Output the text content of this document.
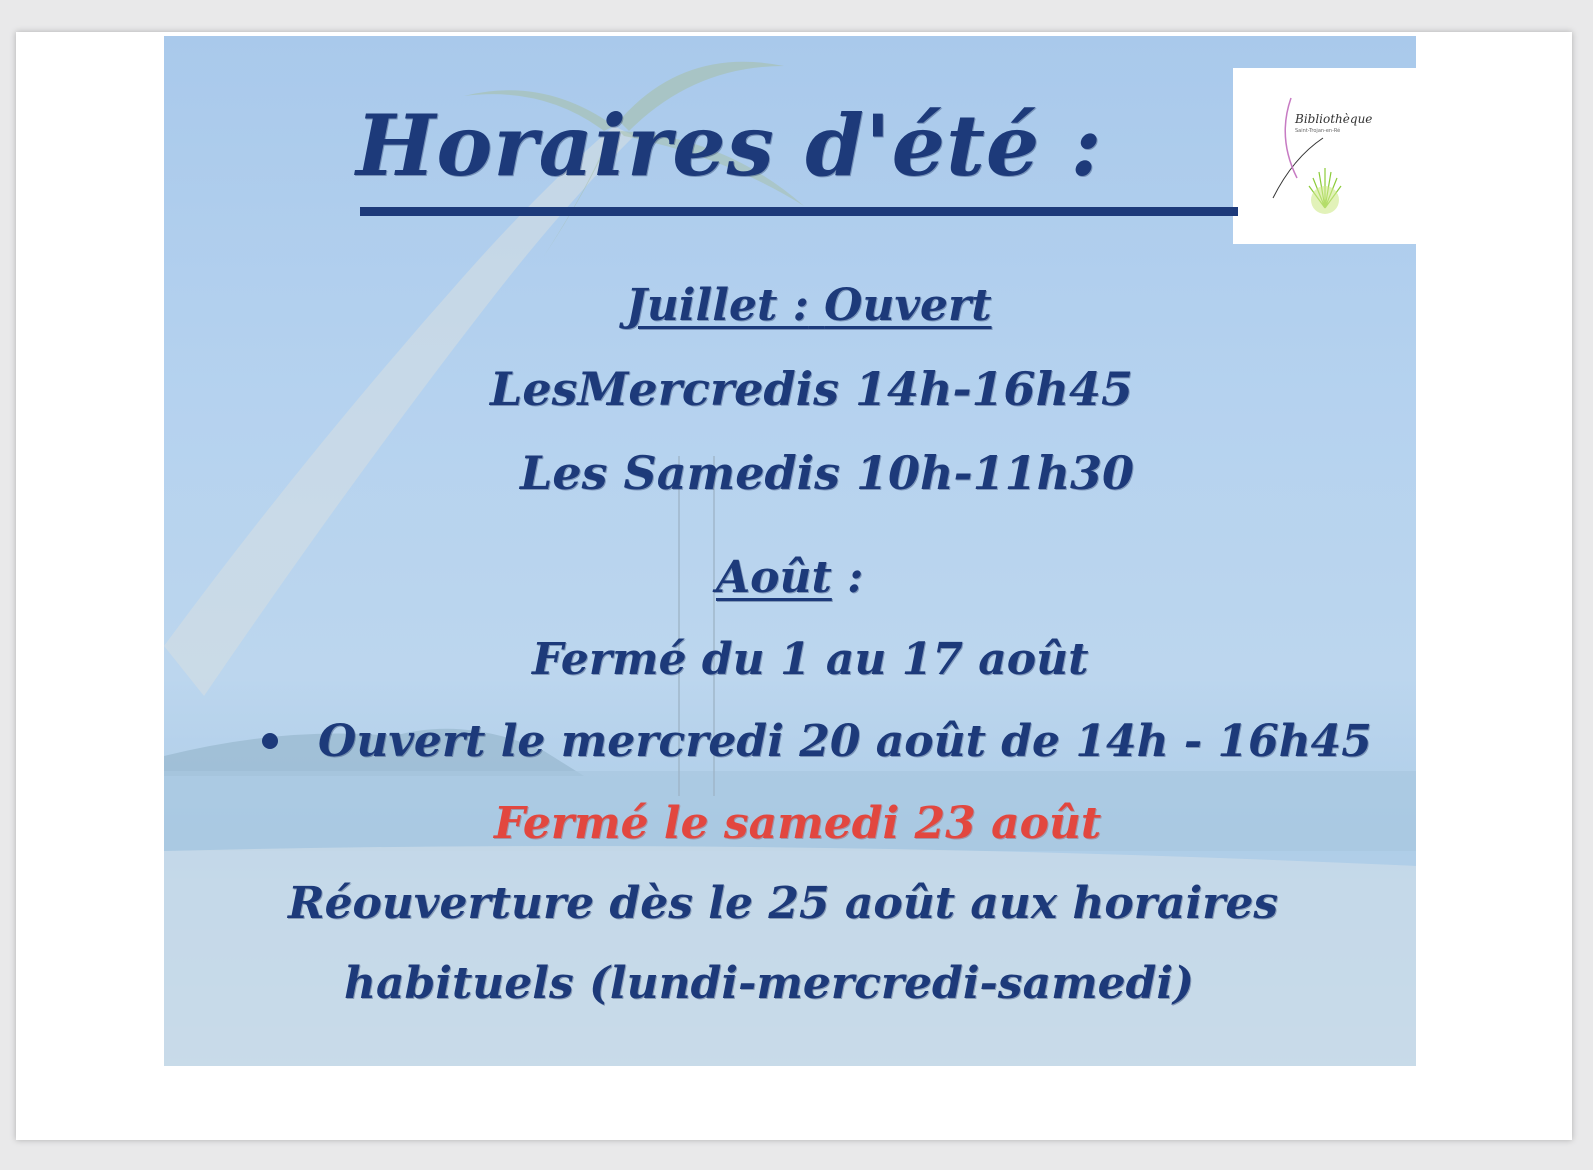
Bibliothèque
Saint-Trojan-en-Ré
Horaires d'été :
Juillet : Ouvert
LesMercredis 14h-16h45
Les Samedis 10h-11h30
Août :
Fermé du 1 au 17 août
Ouvert le mercredi 20 août de 14h - 16h45
Fermé le samedi 23 août
Réouverture dès le 25 août aux horaires
habituels (lundi-mercredi-samedi)
